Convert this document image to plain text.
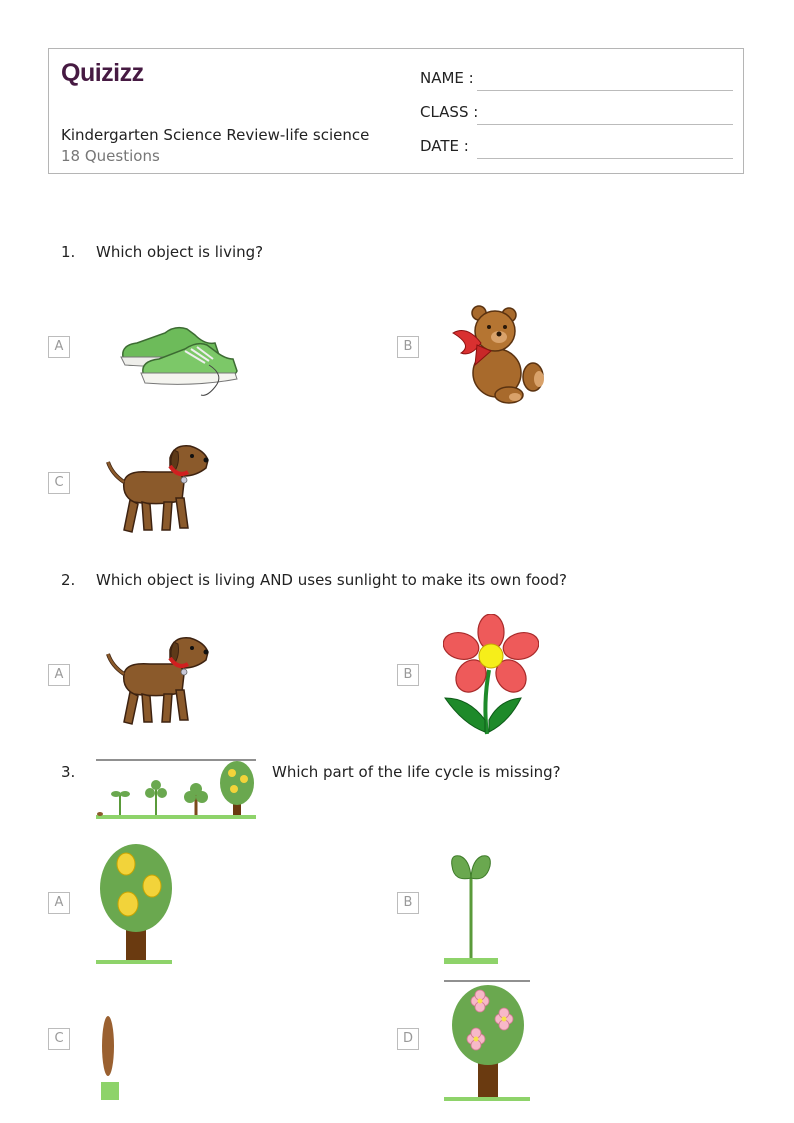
Quizizz
Kindergarten Science Review-life science
18 Questions
NAME :
CLASS :
DATE :
1. Which object is living?
A	B
C
2. Which object is living AND uses sunlight to make its own food?
A	B
3.	Which part of the life cycle is missing?
A	B
C	D
